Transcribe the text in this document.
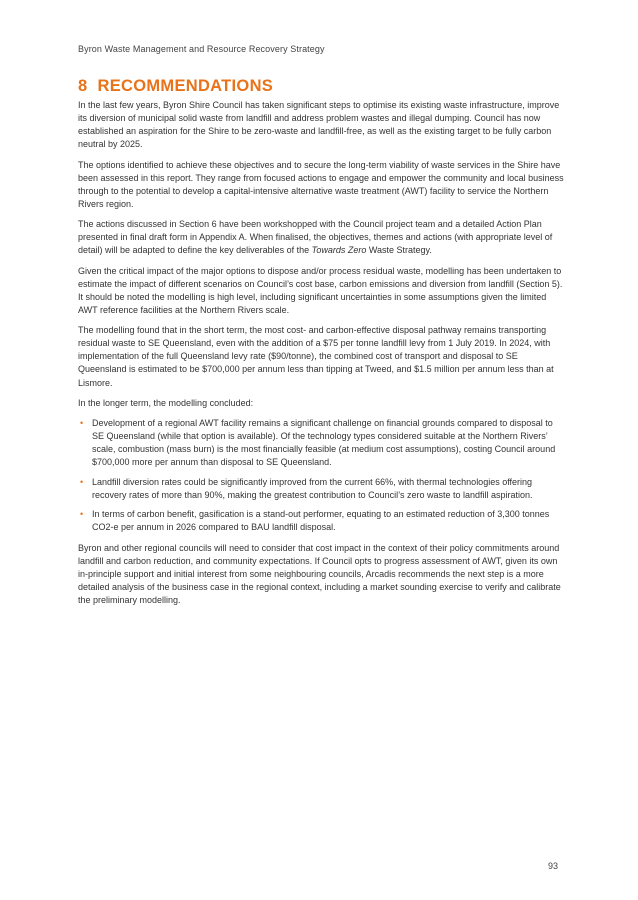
Byron Waste Management and Resource Recovery Strategy
8 RECOMMENDATIONS

In the last few years, Byron Shire Council has taken significant steps to optimise its existing waste infrastructure, improve its diversion of municipal solid waste from landfill and address problem wastes and illegal dumping. Council has now established an aspiration for the Shire to be zero-waste and landfill-free, as well as the existing target to be fully carbon neutral by 2025.

The options identified to achieve these objectives and to secure the long-term viability of waste services in the Shire have been assessed in this report. They range from focused actions to engage and empower the community and local business through to the potential to develop a capital-intensive alternative waste treatment (AWT) facility to service the Northern Rivers region.

The actions discussed in Section 6 have been workshopped with the Council project team and a detailed Action Plan presented in final draft form in Appendix A. When finalised, the objectives, themes and actions (with appropriate level of detail) will be adapted to define the key deliverables of the Towards Zero Waste Strategy.

Given the critical impact of the major options to dispose and/or process residual waste, modelling has been undertaken to estimate the impact of different scenarios on Council’s cost base, carbon emissions and diversion from landfill (Section 5). It should be noted the modelling is high level, including significant uncertainties in some assumptions given the limited AWT reference facilities at the Northern Rivers scale.

The modelling found that in the short term, the most cost- and carbon-effective disposal pathway remains transporting residual waste to SE Queensland, even with the addition of a $75 per tonne landfill levy from 1 July 2019. In 2024, with implementation of the full Queensland levy rate ($90/tonne), the combined cost of transport and disposal to SE Queensland is estimated to be $700,000 per annum less than tipping at Tweed, and $1.5 million per annum less than at Lismore.

In the longer term, the modelling concluded:

• Development of a regional AWT facility remains a significant challenge on financial grounds compared to disposal to SE Queensland (while that option is available). Of the technology types considered suitable at the Northern Rivers’ scale, combustion (mass burn) is the most financially feasible (at medium cost assumptions), costing Council around $700,000 more per annum than disposal to SE Queensland.
• Landfill diversion rates could be significantly improved from the current 66%, with thermal technologies offering recovery rates of more than 90%, making the greatest contribution to Council’s zero waste to landfill aspiration.
• In terms of carbon benefit, gasification is a stand-out performer, equating to an estimated reduction of 3,300 tonnes CO2-e per annum in 2026 compared to BAU landfill disposal.

Byron and other regional councils will need to consider that cost impact in the context of their policy commitments around landfill and carbon reduction, and community expectations. If Council opts to progress assessment of AWT, given its own in-principle support and initial interest from some neighbouring councils, Arcadis recommends the next step is a more detailed analysis of the business case in the regional context, including a market sounding exercise to verify and calibrate the preliminary modelling.

93
